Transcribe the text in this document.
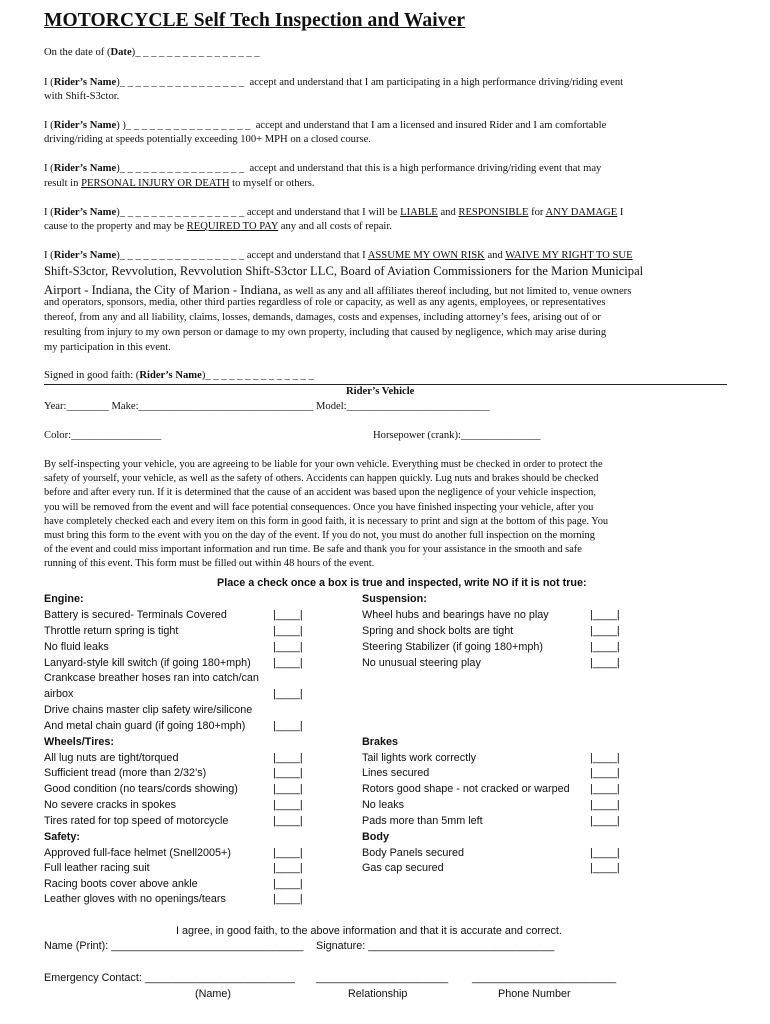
MOTORCYCLE Self Tech Inspection and Waiver
On the date of (Date)_ _ _ _ _ _ _ _ _ _ _ _ _ _ _ _
I (Rider’s Name)_ _ _ _ _ _ _ _ _ _ _ _ _ _ _ _ accept and understand that I am participating in a high performance driving/riding event
with Shift-S3ctor.
I (Rider’s Name) )_ _ _ _ _ _ _ _ _ _ _ _ _ _ _ _ accept and understand that I am a licensed and insured Rider and I am comfortable
driving/riding at speeds potentially exceeding 100+ MPH on a closed course.
I (Rider’s Name)_ _ _ _ _ _ _ _ _ _ _ _ _ _ _ _ accept and understand that this is a high performance driving/riding event that may
result in PERSONAL INJURY OR DEATH to myself or others.
I (Rider’s Name)_ _ _ _ _ _ _ _ _ _ _ _ _ _ _ _ accept and understand that I will be LIABLE and RESPONSIBLE for ANY DAMAGE I
cause to the property and may be REQUIRED TO PAY any and all costs of repair.
I (Rider’s Name)_ _ _ _ _ _ _ _ _ _ _ _ _ _ _ _ accept and understand that I ASSUME MY OWN RISK and WAIVE MY RIGHT TO SUE
Shift-S3ctor, Revvolution, Revvolution Shift-S3ctor LLC, Board of Aviation Commissioners for the Marion Municipal
Airport - Indiana, the City of Marion - Indiana, as well as any and all affiliates thereof including, but not limited to, venue owners
and operators, sponsors, media, other third parties regardless of role or capacity, as well as any agents, employees, or representatives
thereof, from any and all liability, claims, losses, demands, damages, costs and expenses, including attorney’s fees, arising out of or
resulting from injury to my own person or damage to my own property, including that caused by negligence, which may arise during
my participation in this event.
Signed in good faith: (Rider’s Name)_ _ _ _ _ _ _ _ _ _ _ _ _ _
Rider’s Vehicle
Year:________ Make:_________________________________ Model:___________________________
Color:_________________	Horsepower (crank):_______________

By self-inspecting your vehicle, you are agreeing to be liable for your own vehicle. Everything must be checked in order to protect the

safety of yourself, your vehicle, as well as the safety of others. Accidents can happen quickly. Lug nuts and brakes should be checked

before and after every run. If it is determined that the cause of an accident was based upon the negligence of your vehicle inspection,

you will be removed from the event and will face potential consequences. Once you have finished inspecting your vehicle, after you

have completely checked each and every item on this form in good faith, it is necessary to print and sign at the bottom of this page. You

must bring this form to the event with you on the day of the event. If you do not, you must do another full inspection on the morning

of the event and could miss important information and run time. Be safe and thank you for your assistance in the smooth and safe

running of this event. This form must be filled out within 48 hours of the event.

Place a check once a box is true and inspected, write NO if it is not true:
Engine:
Battery is secured- Terminals Covered	|____|
Throttle return spring is tight	|____|
No fluid leaks	|____|
Lanyard-style kill switch (if going 180+mph) |____|
Crankcase breather hoses ran into catch/can
airbox	|____|
Drive chains master clip safety wire/silicone
And metal chain guard (if going 180+mph)	|____|
Wheels/Tires:
All lug nuts are tight/torqued	|____|
Sufficient tread (more than 2/32’s)	|____|
Good condition (no tears/cords showing)	|____|
No severe cracks in spokes	|____|
Tires rated for top speed of motorcycle	|____|
Safety:
Approved full-face helmet (Snell2005+)	|____|
Full leather racing suit	|____|
Racing boots cover above ankle	|____|
Leather gloves with no openings/tears	|____|
Suspension:
Wheel hubs and bearings have no play	|____|
Spring and shock bolts are tight	|____|
Steering Stabilizer (if going 180+mph)	|____|
No unusual steering play	|____|
Brakes
Tail lights work correctly	|____|
Lines secured	|____|
Rotors good shape - not cracked or warped |____|
No leaks	|____|
Pads more than 5mm left	|____|
Body
Body Panels secured	|____|
Gas cap secured	|____|
I agree, in good faith, to the above information and that it is accurate and correct.
Name (Print): ________________________________ Signature: _______________________________
Emergency Contact: _________________________ ______________________ ________________________
(Name)	Relationship	Phone Number
